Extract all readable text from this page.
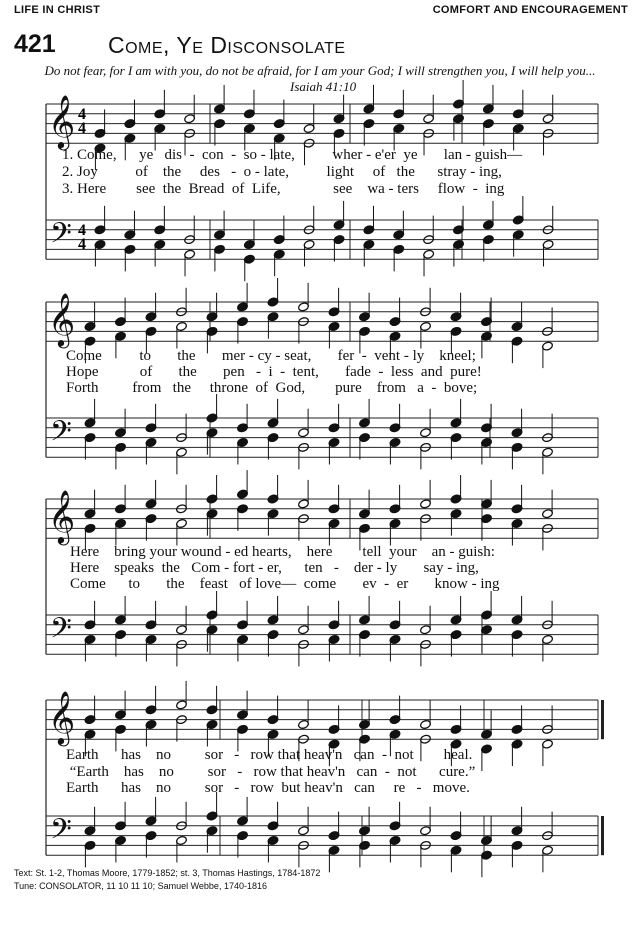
LIFE IN CHRIST	COMFORT AND ENCOURAGEMENT
421 Come, Ye Disconsolate
Do not fear, for I am with you, do not be afraid, for I am your God; I will strengthen you, I will help you...
Isaiah 41:10
𝄞
𝄢
4
4
4
4
1. Come,      ye   dis  -  con  -  so - late,          wher - e'er  ye       lan - guish—
2. Joy          of    the     des   -  o - late,          light     of   the      stray - ing,
3. Here        see  the  Bread  of  Life,              see    wa - ters     flow  -  ing
𝄞
𝄢
Come          to       the       mer - cy - seat,       fer  -  vent - ly    kneel;
Hope           of       the       pen   -  i  -  tent,       fade  -  less  and  pure!
Forth         from   the     throne  of  God,        pure    from   a  -  bove;
𝄞
𝄢
Here    bring your wound - ed hearts,    here        tell  your    an - guish:
Here    speaks  the   Com - fort - er,      ten   -    der - ly       say - ing,
Come      to       the    feast   of love—  come       ev  -  er       know - ing
𝄞
𝄢
Earth      has    no         sor   -   row that heav'n   can  -  not        heal.
“Earth    has    no         sor   -   row that heav'n   can  -  not      cure.”
Earth      has    no         sor   -   row  but heav'n   can     re   -   move.
Text: St. 1-2, Thomas Moore, 1779-1852; st. 3, Thomas Hastings, 1784-1872
Tune: CONSOLATOR, 11 10 11 10; Samuel Webbe, 1740-1816
